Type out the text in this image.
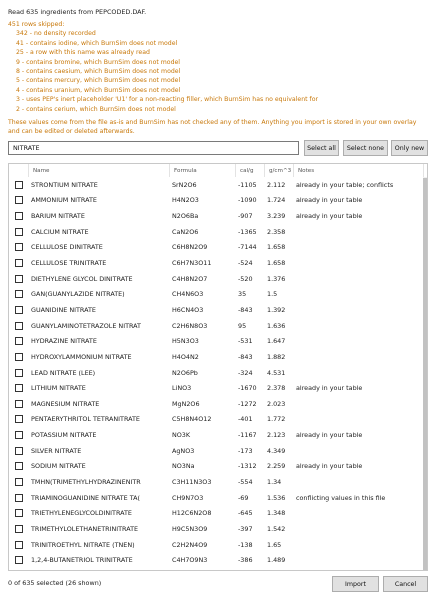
Read 635 ingredients from PEPCODED.DAF.
451 rows skipped:
342 - no density recorded
41 - contains iodine, which BurnSim does not model
25 - a row with this name was already read
9 - contains bromine, which BurnSim does not model
8 - contains caesium, which BurnSim does not model
5 - contains mercury, which BurnSim does not model
4 - contains uranium, which BurnSim does not model
3 - uses PEP's inert placeholder 'U1' for a non-reacting filler, which BurnSim has no equivalent for
2 - contains cerium, which BurnSim does not model
These values come from the file as-is and BurnSim has not checked any of them. Anything you import is stored in your own overlay and can be edited or deleted afterwards.
NITRATE
Select all	Select none	Only new
Name	Formula	cal/g	g/cm^3	Notes
STRONTIUM NITRATE	SrN2O6	-1105	2.112	already in your table; conflicts
AMMONIUM NITRATE	H4N2O3	-1090	1.724	already in your table
BARIUM NITRATE	N2O6Ba	-907	3.239	already in your table
CALCIUM NITRATE	CaN2O6	-1365	2.358
CELLULOSE DINITRATE	C6H8N2O9	-7144	1.658
CELLULOSE TRINITRATE	C6H7N3O11	-524	1.658
DIETHYLENE GLYCOL DINITRATE	C4H8N2O7	-520	1.376
GAN(GUANYLAZIDE NITRATE)	CH4N6O3	35	1.5
GUANIDINE NITRATE	H6CN4O3	-843	1.392
GUANYLAMINOTETRAZOLE NITRAT	C2H6N8O3	95	1.636
HYDRAZINE NITRATE	H5N3O3	-531	1.647
HYDROXYLAMMONIUM NITRATE	H4O4N2	-843	1.882
LEAD NITRATE (LEE)	N2O6Pb	-324	4.531
LITHIUM NITRATE	LiNO3	-1670	2.378	already in your table
MAGNESIUM NITRATE	MgN2O6	-1272	2.023
PENTAERYTHRITOL TETRANITRATE	C5H8N4O12	-401	1.772
POTASSIUM NITRATE	NO3K	-1167	2.123	already in your table
SILVER NITRATE	AgNO3	-173	4.349
SODIUM NITRATE	NO3Na	-1312	2.259	already in your table
TMHN(TRIMETHYLHYDRAZINENITR	C3H11N3O3	-554	1.34
TRIAMINOGUANIDINE NITRATE TA(	CH9N7O3	-69	1.536	conflicting values in this file
TRIETHYLENEGLYCOLDINITRATE	H12C6N2O8	-645	1.348
TRIMETHYLOLETHANETRINITRATE	H9C5N3O9	-397	1.542
TRINITROETHYL NITRATE (TNEN)	C2H2N4O9	-138	1.65
1,2,4-BUTANETRIOL TRINITRATE	C4H7O9N3	-386	1.489
0 of 635 selected (26 shown)	Import	Cancel
